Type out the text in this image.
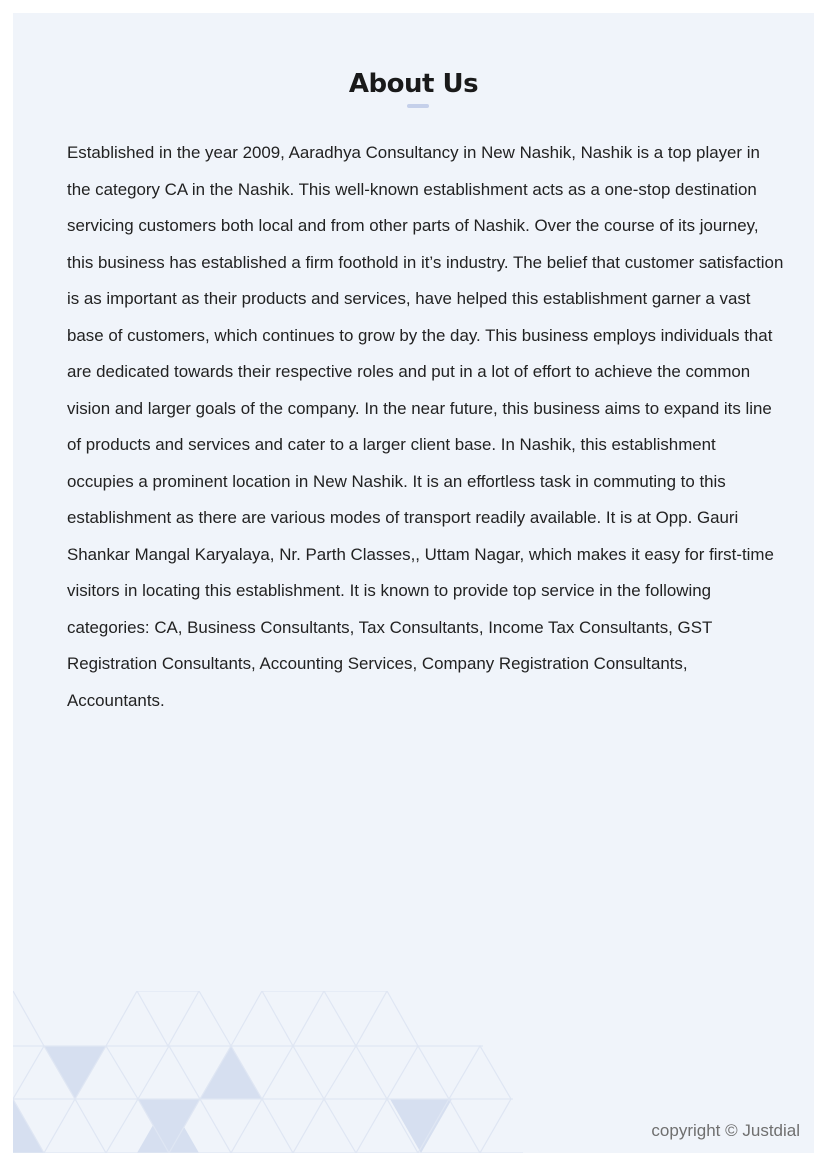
About Us

Established in the year 2009, Aaradhya Consultancy in New Nashik, Nashik is a top player in the category CA in the Nashik. This well-known establishment acts as a one-stop destination servicing customers both local and from other parts of Nashik. Over the course of its journey, this business has established a firm foothold in it’s industry. The belief that customer satisfaction is as important as their products and services, have helped this establishment garner a vast base of customers, which continues to grow by the day. This business employs individuals that are dedicated towards their respective roles and put in a lot of effort to achieve the common vision and larger goals of the company. In the near future, this business aims to expand its line of products and services and cater to a larger client base. In Nashik, this establishment occupies a prominent location in New Nashik. It is an effortless task in commuting to this establishment as there are various modes of transport readily available. It is at Opp. Gauri Shankar Mangal Karyalaya, Nr. Parth Classes,, Uttam Nagar, which makes it easy for first-time visitors in locating this establishment. It is known to provide top service in the following categories: CA, Business Consultants, Tax Consultants, Income Tax Consultants, GST Registration Consultants, Accounting Services, Company Registration Consultants, Accountants.

copyright © Justdial
